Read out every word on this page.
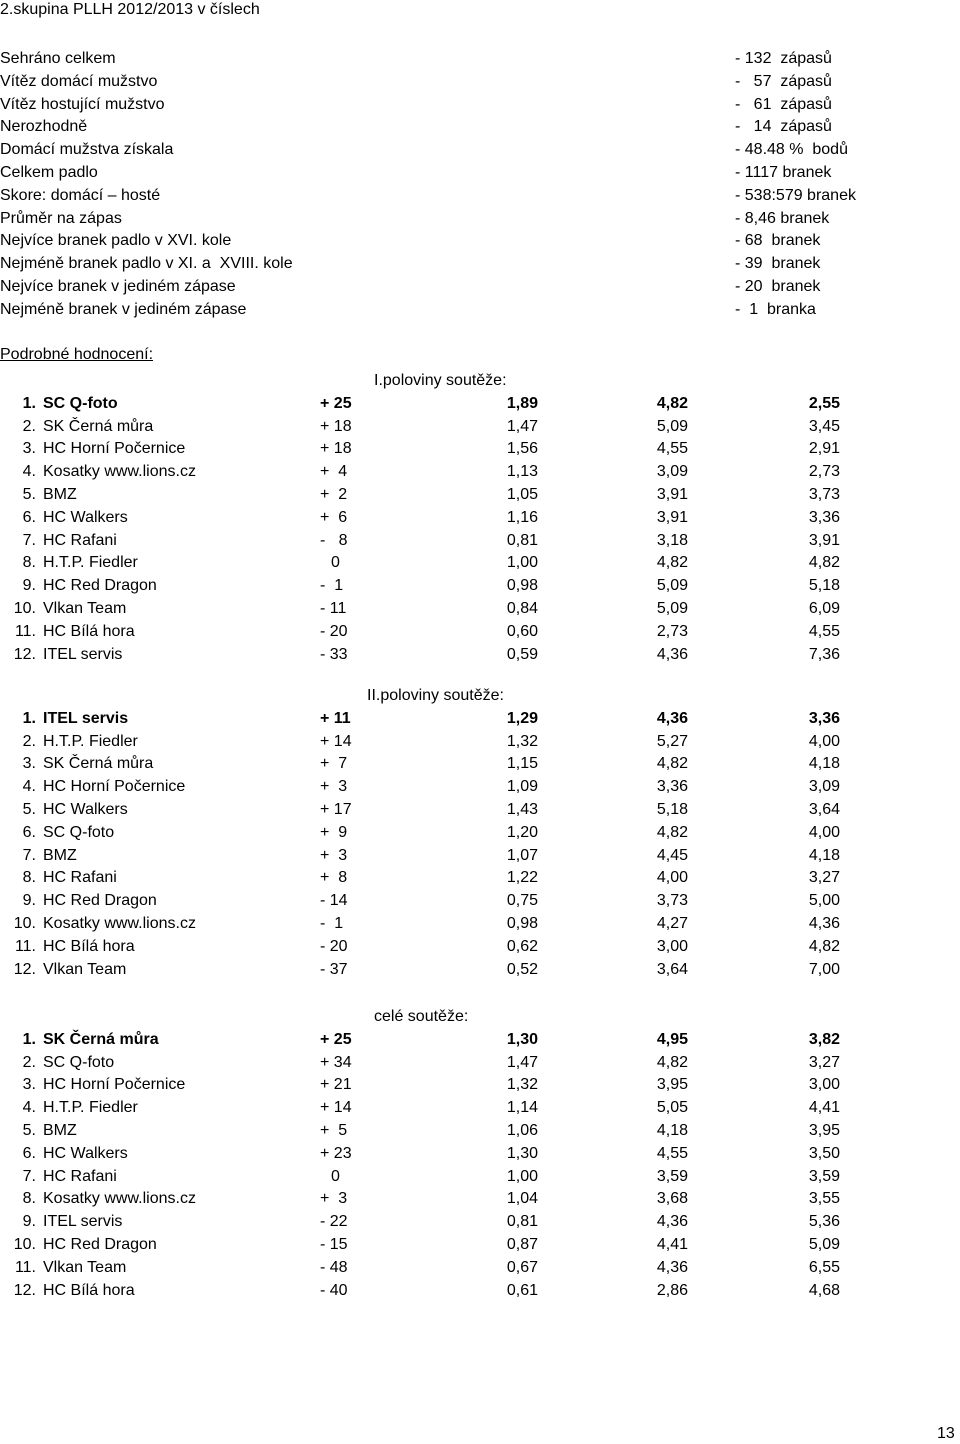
2.skupina PLLH 2012/2013 v číslech
Sehráno celkem	- 132  zápasů
Vítěz domácí mužstvo	-   57  zápasů
Vítěz hostující mužstvo	-   61  zápasů
Nerozhodně	-   14  zápasů
Domácí mužstva získala	- 48.48 %  bodů
Celkem padlo	- 1117 branek
Skore: domácí – hosté	- 538:579 branek
Průměr na zápas	- 8,46 branek
Nejvíce branek padlo v XVI. kole	- 68  branek
Nejméně branek padlo v XI. a  XVIII. kole	- 39  branek
Nejvíce branek v jediném zápase	- 20  branek
Nejméně branek v jediném zápase	-  1  branka
Podrobné hodnocení:
I.poloviny soutěže:
1. SC Q-foto	+ 25	1,89	4,82	2,55
2. SK Černá můra	+ 18	1,47	5,09	3,45
3. HC Horní Počernice	+ 18	1,56	4,55	2,91
4. Kosatky www.lions.cz	+  4	1,13	3,09	2,73
5. BMZ	+  2	1,05	3,91	3,73
6. HC Walkers	+  6	1,16	3,91	3,36
7. HC Rafani	-   8	0,81	3,18	3,91
8. H.T.P. Fiedler	0	1,00	4,82	4,82
9. HC Red Dragon	-  1	0,98	5,09	5,18
10. Vlkan Team	- 11	0,84	5,09	6,09
11. HC Bílá hora	- 20	0,60	2,73	4,55
12. ITEL servis	- 33	0,59	4,36	7,36
II.poloviny soutěže:
1. ITEL servis	+ 11	1,29	4,36	3,36
2. H.T.P. Fiedler	+ 14	1,32	5,27	4,00
3. SK Černá můra	+  7	1,15	4,82	4,18
4. HC Horní Počernice	+  3	1,09	3,36	3,09
5. HC Walkers	+ 17	1,43	5,18	3,64
6. SC Q-foto	+  9	1,20	4,82	4,00
7. BMZ	+  3	1,07	4,45	4,18
8. HC Rafani	+  8	1,22	4,00	3,27
9. HC Red Dragon	- 14	0,75	3,73	5,00
10. Kosatky www.lions.cz	-  1	0,98	4,27	4,36
11. HC Bílá hora	- 20	0,62	3,00	4,82
12. Vlkan Team	- 37	0,52	3,64	7,00
celé soutěže:
1. SK Černá můra	+ 25	1,30	4,95	3,82
2. SC Q-foto	+ 34	1,47	4,82	3,27
3. HC Horní Počernice	+ 21	1,32	3,95	3,00
4. H.T.P. Fiedler	+ 14	1,14	5,05	4,41
5. BMZ	+  5	1,06	4,18	3,95
6. HC Walkers	+ 23	1,30	4,55	3,50
7. HC Rafani	0	1,00	3,59	3,59
8. Kosatky www.lions.cz	+  3	1,04	3,68	3,55
9. ITEL servis	- 22	0,81	4,36	5,36
10. HC Red Dragon	- 15	0,87	4,41	5,09
11. Vlkan Team	- 48	0,67	4,36	6,55
12. HC Bílá hora	- 40	0,61	2,86	4,68
13
